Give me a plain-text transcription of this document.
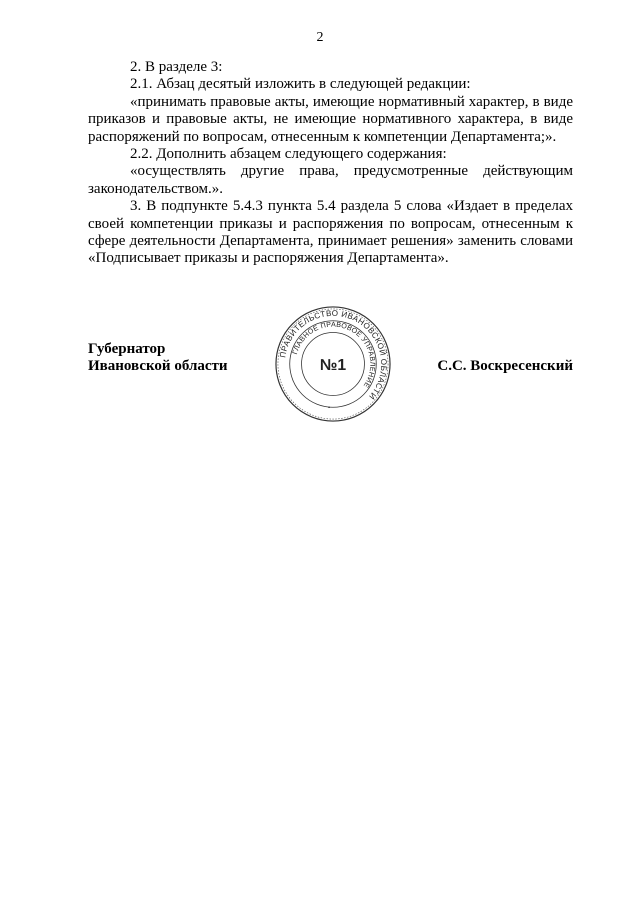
2

2. В разделе 3:

2.1. Абзац десятый изложить в следующей редакции:

«принимать правовые акты, имеющие нормативный характер, в виде приказов и правовые акты, не имеющие нормативного характера, в виде распоряжений по вопросам, отнесенным к компетенции Департамента;».

2.2. Дополнить абзацем следующего содержания:

«осуществлять другие права, предусмотренные действующим законодательством.».

3. В подпункте 5.4.3 пункта 5.4 раздела 5 слова «Издает в пределах своей компетенции приказы и распоряжения по вопросам, отнесенным к сфере деятельности Департамента, принимает решения» заменить словами «Подписывает приказы и распоряжения Департамента».

Губернатор
Ивановской области
ПРАВИТЕЛЬСТВО ИВАНОВСКОЙ ОБЛАСТИ
ГЛАВНОЕ ПРАВОВОЕ УПРАВЛЕНИЕ
№1	С.С. Воскресенский
